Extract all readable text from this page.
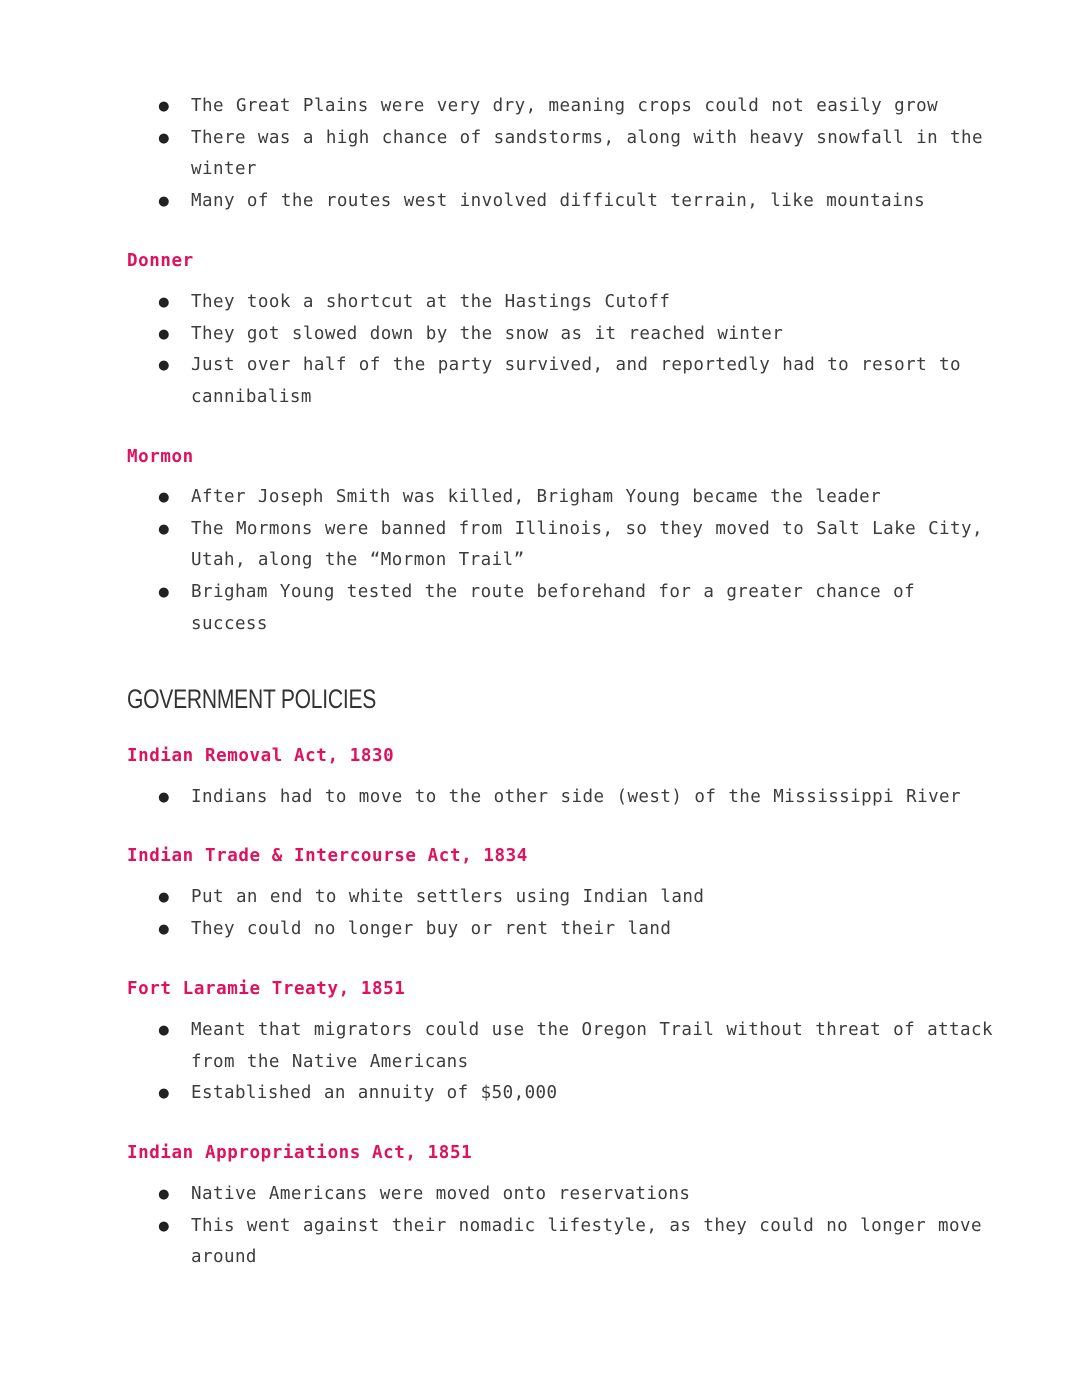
● The Great Plains were very dry, meaning crops could not easily grow
● There was a high chance of sandstorms, along with heavy snowfall in the
winter
● Many of the routes west involved difficult terrain, like mountains
Donner
● They took a shortcut at the Hastings Cutoff
● They got slowed down by the snow as it reached winter
● Just over half of the party survived, and reportedly had to resort to
cannibalism
Mormon
● After Joseph Smith was killed, Brigham Young became the leader
● The Mormons were banned from Illinois, so they moved to Salt Lake City,
Utah, along the “Mormon Trail”
● Brigham Young tested the route beforehand for a greater chance of
success
GOVERNMENT POLICIES
Indian Removal Act, 1830
● Indians had to move to the other side (west) of the Mississippi River
Indian Trade & Intercourse Act, 1834
● Put an end to white settlers using Indian land
● They could no longer buy or rent their land
Fort Laramie Treaty, 1851
● Meant that migrators could use the Oregon Trail without threat of attack
from the Native Americans
● Established an annuity of $50,000
Indian Appropriations Act, 1851
● Native Americans were moved onto reservations
● This went against their nomadic lifestyle, as they could no longer move
around
